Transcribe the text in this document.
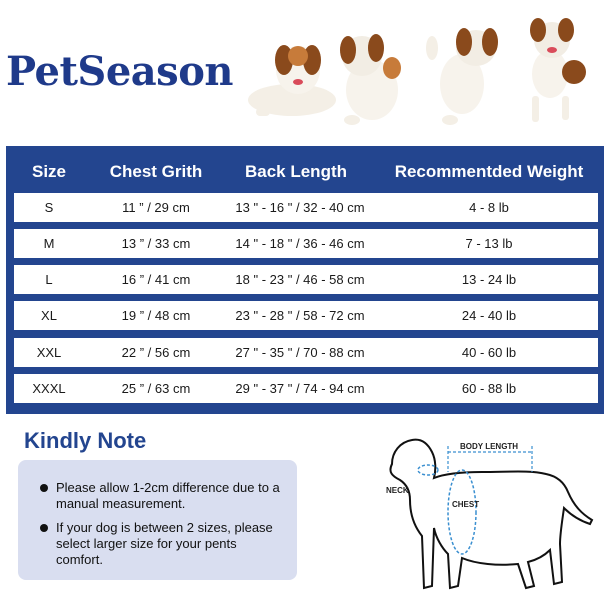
PetSeason
Size	Chest Grith	Back Length	Recommentded Weight
S	11 ” / 29 cm	13 " - 16 " / 32 - 40 cm	4 - 8 lb
M	13 ” / 33 cm	14 " - 18 " / 36 - 46 cm	7 - 13 lb
L	16 ” / 41 cm	18 " - 23 " / 46 - 58 cm	13 - 24 lb
XL	19 ” / 48 cm	23 " - 28 " / 58 - 72 cm	24 - 40 lb
XXL	22 ” / 56 cm	27 " - 35 " / 70 - 88 cm	40 - 60 lb
XXXL	25 ” / 63 cm	29 " - 37 " / 74 - 94 cm	60 - 88 lb
Kindly Note
Please allow 1-2cm difference due to a manual measurement.
If your dog is between 2 sizes, please select larger size for your pents comfort.
BODY LENGTH
NECK
CHEST
